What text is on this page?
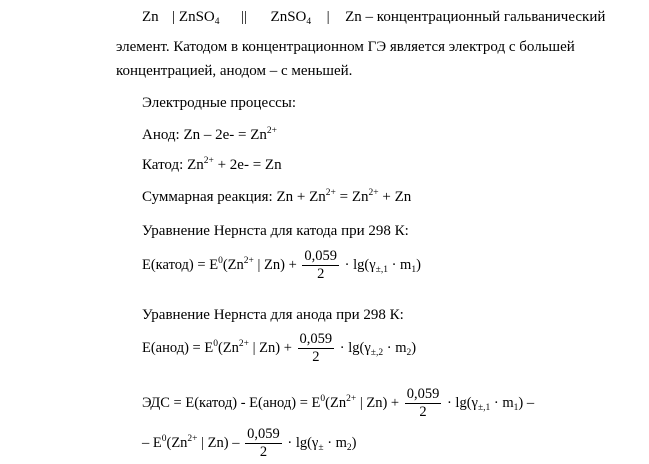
Zn | ZnSO$_4$ || ZnSO$_4$ | Zn – концентрационный гальванический
элемент. Катодом в концентрационном ГЭ является электрод с большей
концентрацией, анодом – с меньшей.
Электродные процессы:
Анод: $Zn - 2e- = Zn^{2+}$
Катод: $Zn^{2+} + 2e- = Zn$
Суммарная реакция: $Zn + Zn^{2+} = Zn^{2+} + Zn$
Уравнение Нернста для катода при 298 К:
E(катод) = $E^0(Zn^{2+}$ | $Zn) + \frac{0,059}{2} \cdot \lg(\gamma_{\pm,1} \cdot m_1)$
Уравнение Нернста для анода при 298 К:
E(анод) = $E^0(Zn^{2+}$ | $Zn) + \frac{0,059}{2} \cdot \lg(\gamma_{\pm,2} \cdot m_2)$
ЭДС = E(катод) - E(анод) = $E^0(Zn^{2+}$ | $Zn) + \frac{0,059}{2} \cdot \lg(\gamma_{\pm,1} \cdot m_1)$ –
– $E^0(Zn^{2+}$ | $Zn) - \frac{0,059}{2} \cdot \lg(\gamma_\pm \cdot m_2)$
